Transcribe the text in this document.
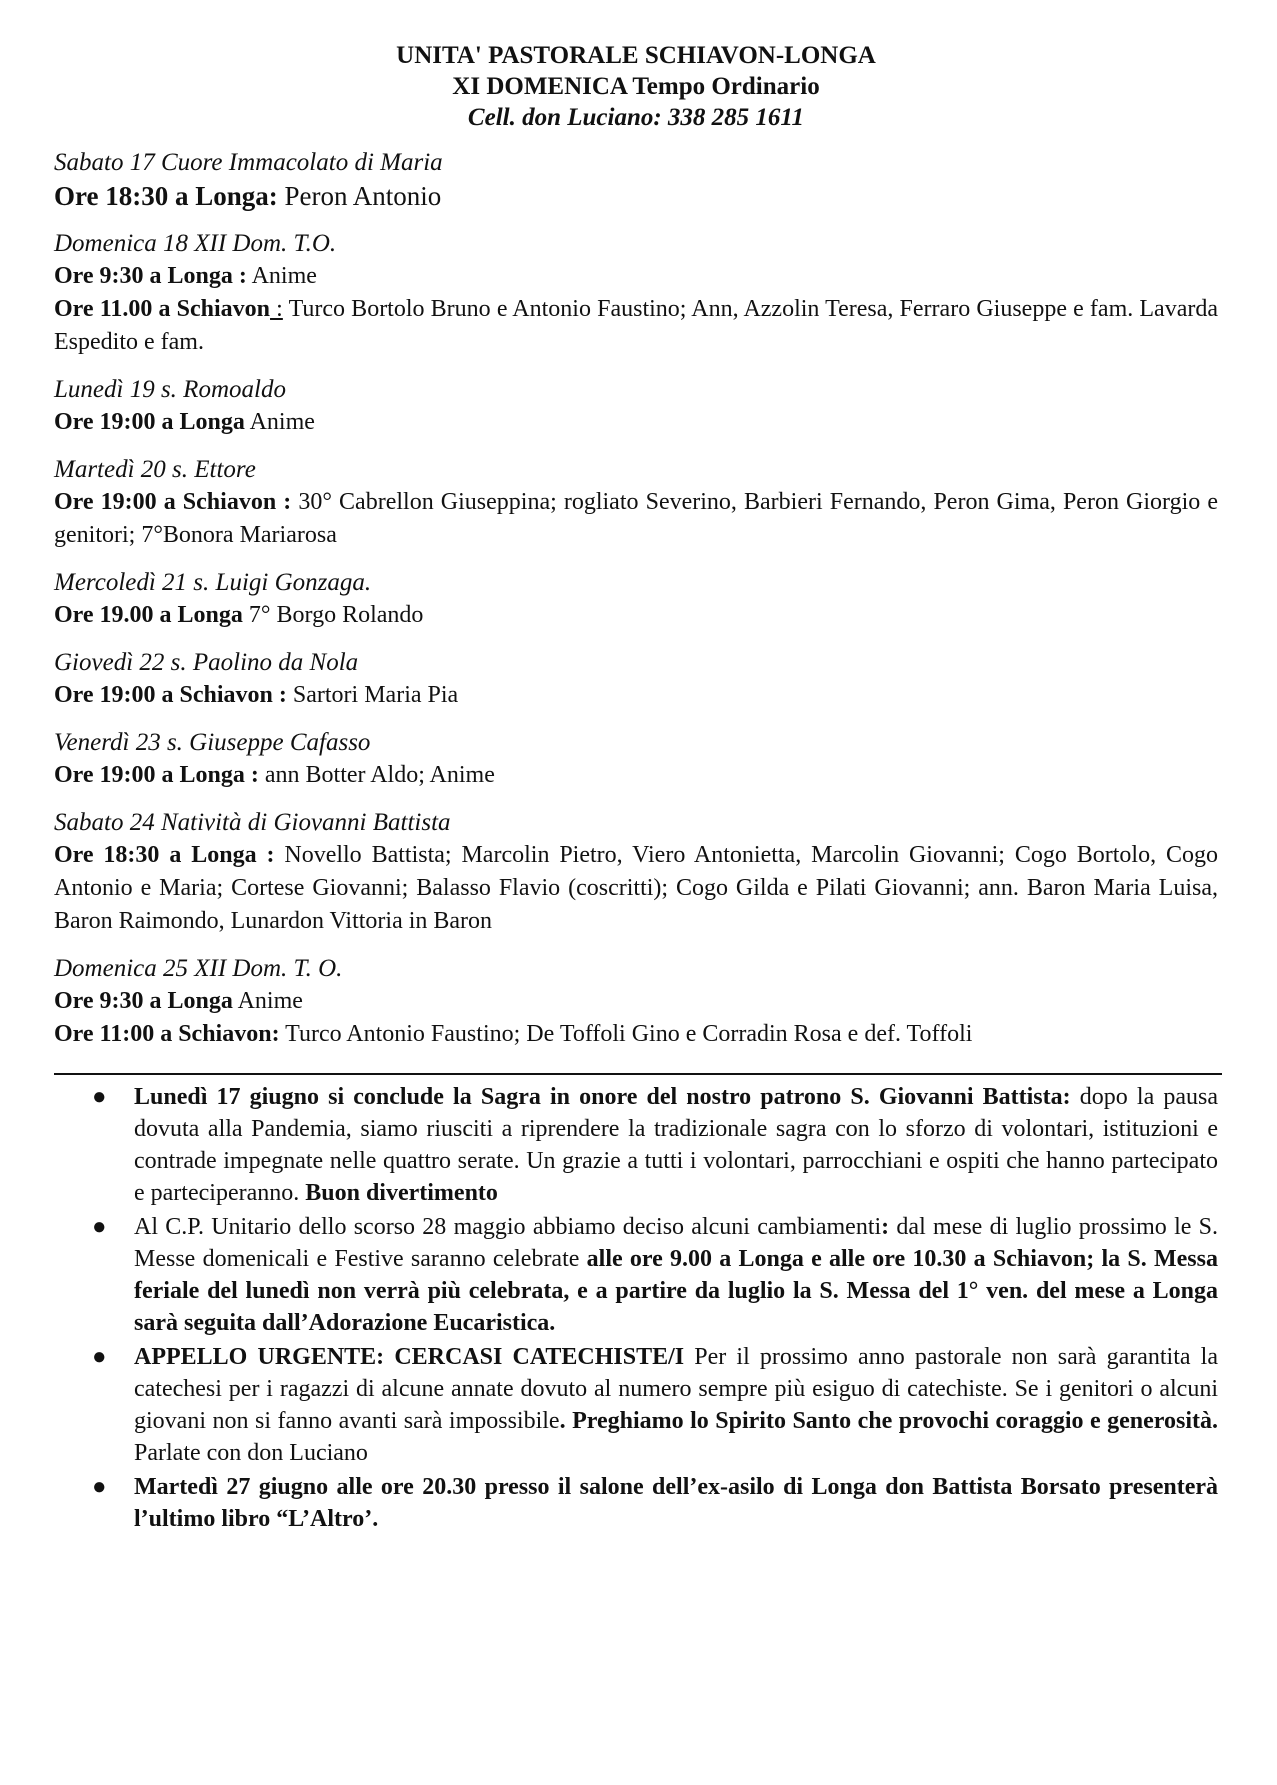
UNITA' PASTORALE SCHIAVON-LONGA
XI DOMENICA Tempo Ordinario
Cell. don Luciano: 338 285 1611
Sabato 17 Cuore Immacolato di Maria
Ore 18:30 a Longa: Peron Antonio
Domenica 18 XII Dom. T.O.
Ore 9:30 a Longa : Anime
Ore 11.00 a Schiavon : Turco Bortolo Bruno e Antonio Faustino; Ann, Azzolin Teresa, Ferraro Giuseppe e fam. Lavarda Espedito e fam.
Lunedì 19 s. Romoaldo
Ore 19:00 a Longa Anime
Martedì 20 s. Ettore
Ore 19:00 a Schiavon : 30° Cabrellon Giuseppina; rogliato Severino, Barbieri Fernando, Peron Gima, Peron Giorgio e genitori; 7°Bonora Mariarosa
Mercoledì 21 s. Luigi Gonzaga.
Ore 19.00 a Longa 7° Borgo Rolando
Giovedì 22 s. Paolino da Nola
Ore 19:00 a Schiavon : Sartori Maria Pia
Venerdì 23 s. Giuseppe Cafasso
Ore 19:00 a Longa : ann Botter Aldo; Anime
Sabato 24 Natività di Giovanni Battista
Ore 18:30 a Longa : Novello Battista; Marcolin Pietro, Viero Antonietta, Marcolin Giovanni; Cogo Bortolo, Cogo Antonio e Maria; Cortese Giovanni; Balasso Flavio (coscritti); Cogo Gilda e Pilati Giovanni; ann. Baron Maria Luisa, Baron Raimondo, Lunardon Vittoria in Baron
Domenica 25 XII Dom. T. O.
Ore 9:30 a Longa Anime
Ore 11:00 a Schiavon: Turco Antonio Faustino; De Toffoli Gino e Corradin Rosa e def. Toffoli
● Lunedì 17 giugno si conclude la Sagra in onore del nostro patrono S. Giovanni Battista: dopo la pausa dovuta alla Pandemia, siamo riusciti a riprendere la tradizionale sagra con lo sforzo di volontari, istituzioni e contrade impegnate nelle quattro serate. Un grazie a tutti i volontari, parrocchiani e ospiti che hanno partecipato e parteciperanno. Buon divertimento
● Al C.P. Unitario dello scorso 28 maggio abbiamo deciso alcuni cambiamenti: dal mese di luglio prossimo le S. Messe domenicali e Festive saranno celebrate alle ore 9.00 a Longa e alle ore 10.30 a Schiavon; la S. Messa feriale del lunedì non verrà più celebrata, e a partire da luglio la S. Messa del 1° ven. del mese a Longa sarà seguita dall’Adorazione Eucaristica.
● APPELLO URGENTE: CERCASI CATECHISTE/I Per il prossimo anno pastorale non sarà garantita la catechesi per i ragazzi di alcune annate dovuto al numero sempre più esiguo di catechiste. Se i genitori o alcuni giovani non si fanno avanti sarà impossibile. Preghiamo lo Spirito Santo che provochi coraggio e generosità. Parlate con don Luciano
● Martedì 27 giugno alle ore 20.30 presso il salone dell’ex-asilo di Longa don Battista Borsato presenterà l’ultimo libro “L’Altro’.
